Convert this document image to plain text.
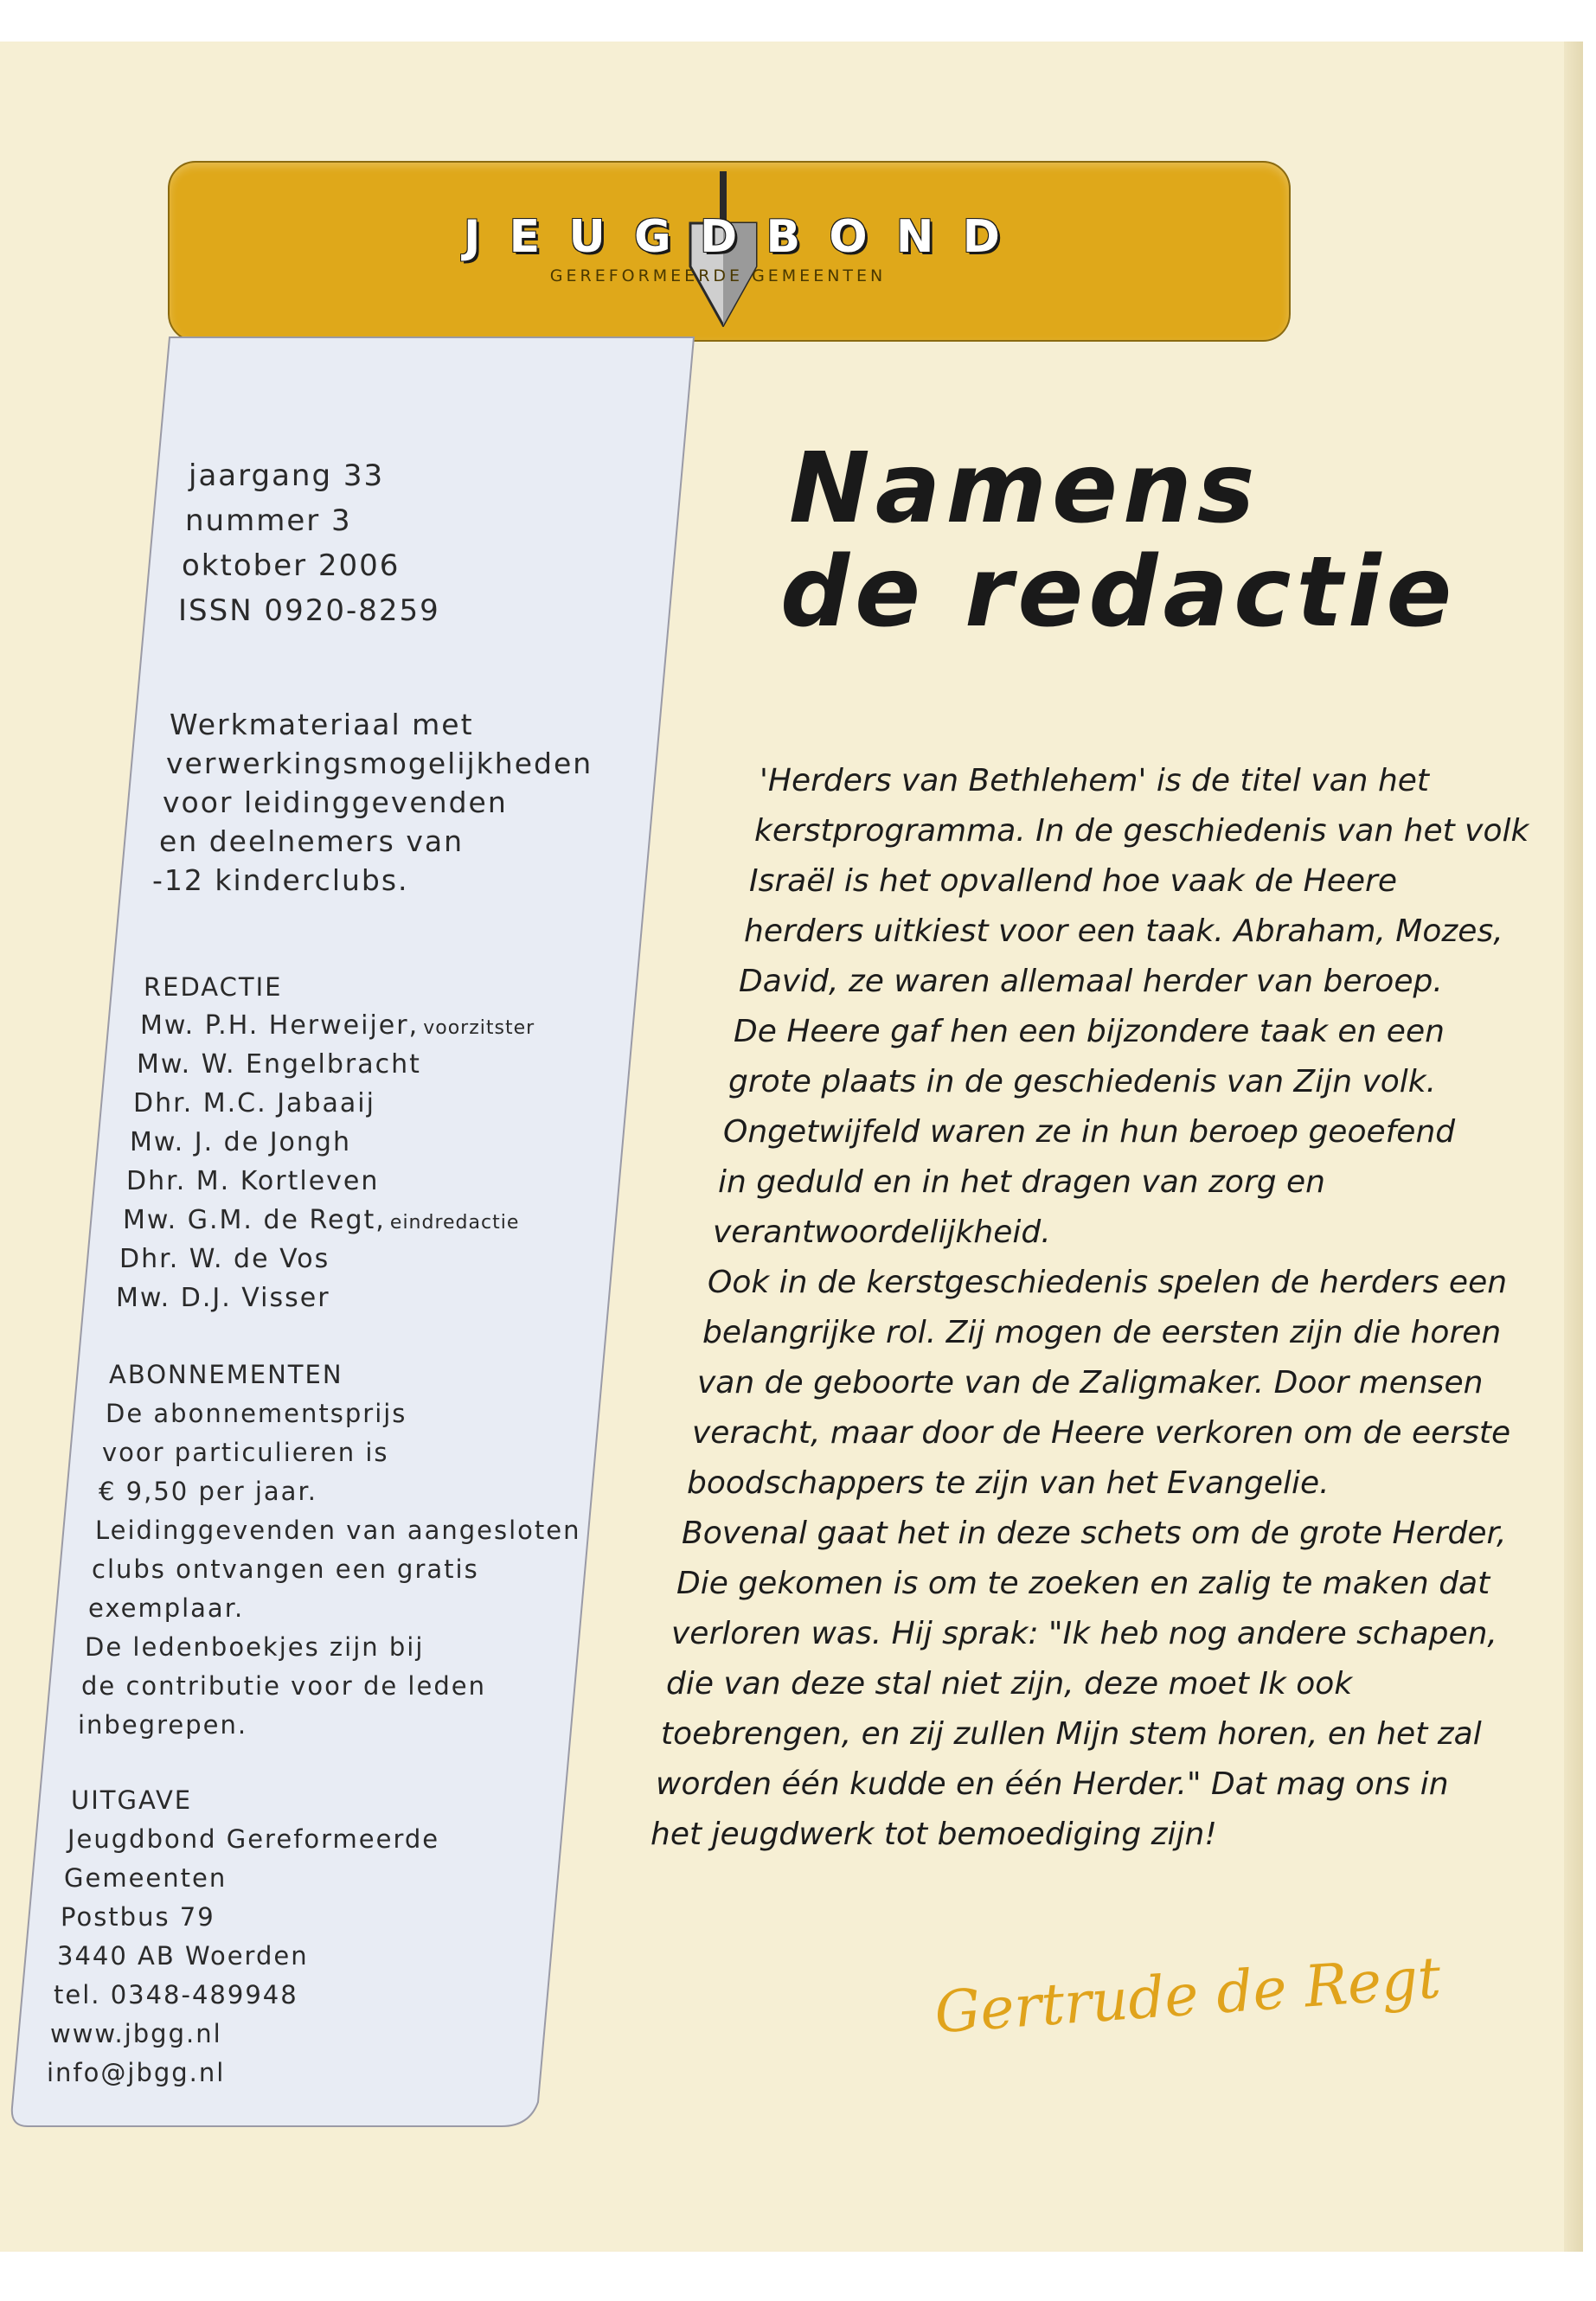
J E U G D B O N D
GEREFORMEERDE GEMEENTEN
jaargang 33
nummer 3
oktober 2006
ISSN 0920-8259
Werkmateriaal met
verwerkingsmogelijkheden
voor leidinggevenden
en deelnemers van
-12 kinderclubs.
REDACTIE
Mw. P.H. Herweijer, voorzitster
Mw. W. Engelbracht
Dhr. M.C. Jabaaij
Mw. J. de Jongh
Dhr. M. Kortleven
Mw. G.M. de Regt, eindredactie
Dhr. W. de Vos
Mw. D.J. Visser
ABONNEMENTEN
De abonnementsprijs
voor particulieren is
€ 9,50 per jaar.
Leidinggevenden van aangesloten
clubs ontvangen een gratis
exemplaar.
De ledenboekjes zijn bij
de contributie voor de leden
inbegrepen.
UITGAVE
Jeugdbond Gereformeerde
Gemeenten
Postbus 79
3440 AB Woerden
tel. 0348-489948
www.jbgg.nl
info@jbgg.nl
Namens
de redactie
'Herders van Bethlehem' is de titel van het
kerstprogramma. In de geschiedenis van het volk
Israël is het opvallend hoe vaak de Heere
herders uitkiest voor een taak. Abraham, Mozes,
David, ze waren allemaal herder van beroep.
De Heere gaf hen een bijzondere taak en een
grote plaats in de geschiedenis van Zijn volk.
Ongetwijfeld waren ze in hun beroep geoefend
in geduld en in het dragen van zorg en
verantwoordelijkheid.
Ook in de kerstgeschiedenis spelen de herders een
belangrijke rol. Zij mogen de eersten zijn die horen
van de geboorte van de Zaligmaker. Door mensen
veracht, maar door de Heere verkoren om de eerste
boodschappers te zijn van het Evangelie.
Bovenal gaat het in deze schets om de grote Herder,
Die gekomen is om te zoeken en zalig te maken dat
verloren was. Hij sprak: "Ik heb nog andere schapen,
die van deze stal niet zijn, deze moet Ik ook
toebrengen, en zij zullen Mijn stem horen, en het zal
worden één kudde en één Herder." Dat mag ons in
het jeugdwerk tot bemoediging zijn!
Gertrude de Regt
